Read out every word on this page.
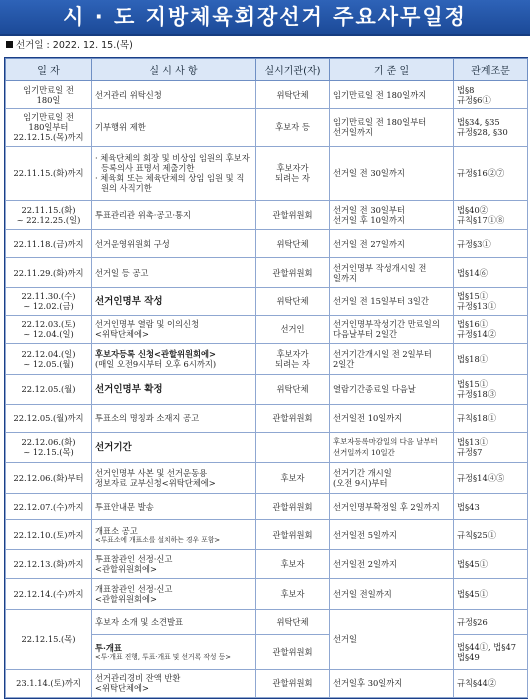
시 · 도 지방체육회장선거 주요사무일정
선거일 : 2022. 12. 15.(목)
일 자	실 시 사 항	실시기관(자)	기 준 일	관계조문
임기만료일 전
180일	선거관리 위탁신청	위탁단체	임기만료일 전 180일까지	법§8
규정§6①
임기만료일 전
180일부터
22.12.15.(목)까지	기부행위 제한	후보자 등	임기만료일 전 180일부터
선거일까지	법§34, §35
규정§28, §30
22.11.15.(화)까지	· 체육단체의 회장 및 비상임 임원의 후보자 등록의사 표명서 제출기한
· 체육회 또는 체육단체의 상임 임원 및 직원의 사직기한	후보자가
되려는 자	선거일 전 30일까지	규정§16②⑦
22.11.15.(화)
~ 22.12.25.(일)	투표관리관 위촉·공고·통지	관할위원회	선거일 전 30일부터
선거일 후 10일까지	법§40②
규칙§17①⑧
22.11.18.(금)까지	선거운영위원회 구성	위탁단체	선거일 전 27일까지	규정§3①
22.11.29.(화)까지	선거일 등 공고	관할위원회	선거인명부 작성개시일 전
일까지	법§14⑥
22.11.30.(수)
~ 12.02.(금)	선거인명부 작성	위탁단체	선거일 전 15일부터 3일간	법§15①
규정§13①
22.12.03.(토)
~ 12.04.(일)	선거인명부 열람 및 이의신청
<위탁단체에>	선거인	선거인명부작성기간 만료일의
다음날부터 2일간	법§16①
규정§14②
22.12.04.(일)
~ 12.05.(월)	후보자등록 신청<관할위원회에>
(매일 오전9시부터 오후 6시까지)	후보자가
되려는 자	선거기간개시일 전 2일부터
2일간	법§18①
22.12.05.(월)	선거인명부 확정	위탁단체	열람기간종료일 다음날	법§15①
규정§18③
22.12.05.(월)까지	투표소의 명칭과 소재지 공고	관할위원회	선거일전 10일까지	규칙§18①
22.12.06.(화)
~ 12.15.(목)	선거기간		후보자등록마감일의 다음 날부터
선거일까지 10일간	법§13①
규정§7
22.12.06.(화)부터	선거인명부 사본 및 선거운동용
정보자료 교부신청<위탁단체에>	후보자	선거기간 개시일
(오전 9시)부터	규정§14④⑤
22.12.07.(수)까지	투표안내문 발송	관할위원회	선거인명부확정일 후 2일까지	법§43
22.12.10.(토)까지	개표소 공고
<투표소에 개표소를 설치하는 경우 포함>	관할위원회	선거일전 5일까지	규칙§25①
22.12.13.(화)까지	투표참관인 선정·신고
<관할위원회에>	후보자	선거일전 2일까지	법§45①
22.12.14.(수)까지	개표참관인 선정·신고
<관할위원회에>	후보자	선거일 전일까지	법§45①
22.12.15.(목)	후보자 소개 및 소견발표	위탁단체	선거일	규정§26
	투·개표
<투·개표 진행, 투표·개표 및 선거록 작성 등>	관할위원회		법§44①, 법§47
법§49
23.1.14.(토)까지	선거관리경비 잔액 반환
<위탁단체에>	관할위원회	선거일후 30일까지	규칙§44②
